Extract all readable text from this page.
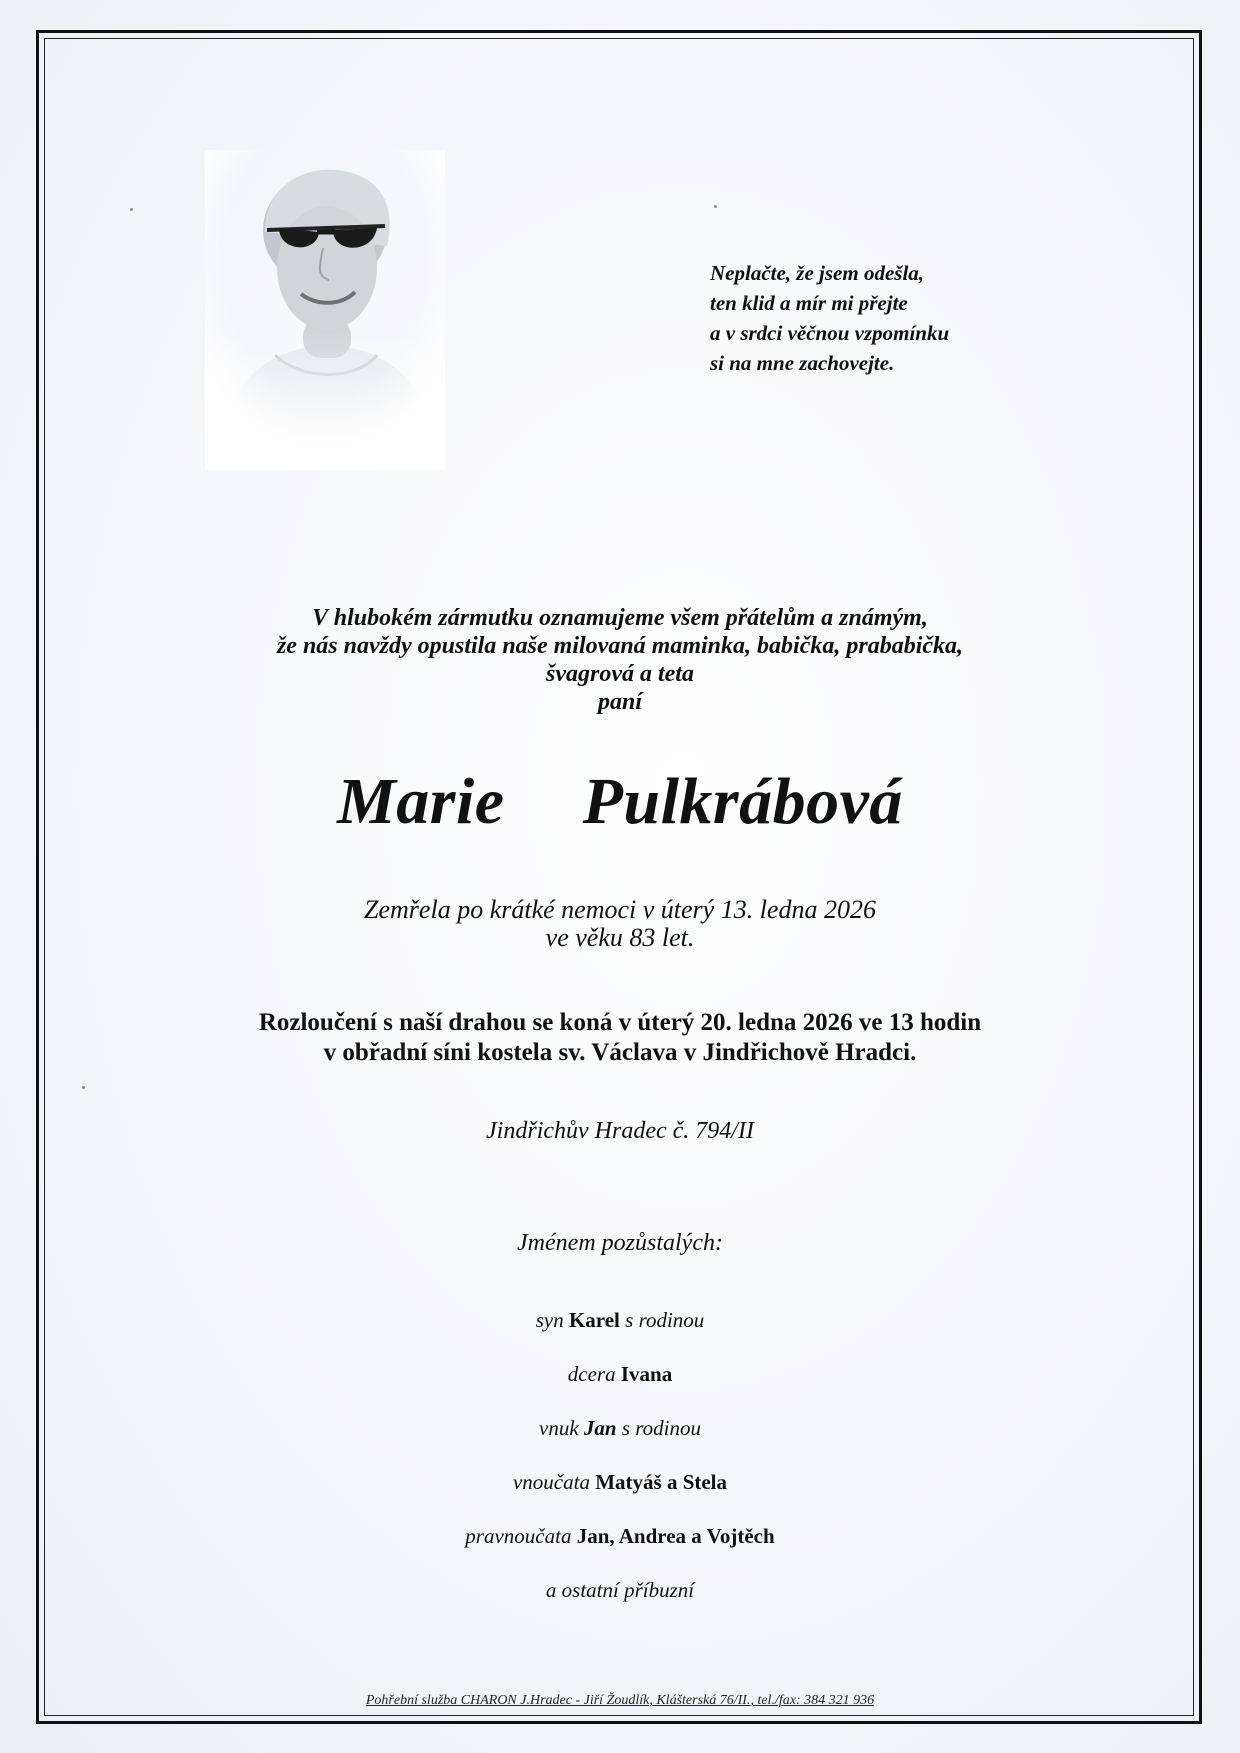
Neplačte, že jsem odešla,
ten klid a mír mi přejte
a v srdci věčnou vzpomínku
si na mne zachovejte.
V hlubokém zármutku oznamujeme všem přátelům a známým,
že nás navždy opustila naše milovaná maminka, babička, prababička,
švagrová a teta
paní
Marie  Pulkrábová
Zemřela po krátké nemoci v úterý 13. ledna 2026
ve věku 83 let.
Rozloučení s naší drahou se koná v úterý 20. ledna 2026 ve 13 hodin
v obřadní síni kostela sv. Václava v Jindřichově Hradci.
Jindřichův Hradec č. 794/II
Jménem pozůstalých:
syn Karel s rodinou
dcera Ivana
vnuk Jan s rodinou
vnoučata Matyáš a Stela
pravnoučata Jan, Andrea a Vojtěch
a ostatní příbuzní
Pohřební služba CHARON J.Hradec - Jiří Žoudlík, Klášterská 76/II., tel./fax: 384 321 936
